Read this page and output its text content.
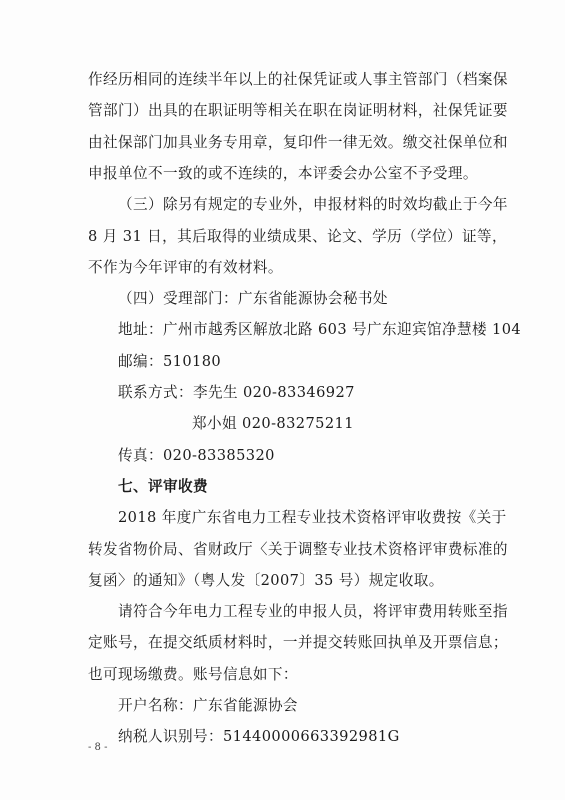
作经历相同的连续半年以上的社保凭证或人事主管部门（档案保
管部门）出具的在职证明等相关在职在岗证明材料，社保凭证要
由社保部门加具业务专用章，复印件一律无效。缴交社保单位和
申报单位不一致的或不连续的，本评委会办公室不予受理。
（三）除另有规定的专业外，申报材料的时效均截止于今年
8 月 31 日，其后取得的业绩成果、论文、学历（学位）证等，
不作为今年评审的有效材料。
（四）受理部门：广东省能源协会秘书处
地址：广州市越秀区解放北路 603 号广东迎宾馆净慧楼 104
邮编：510180
联系方式：李先生 020-83346927
郑小姐 020-83275211
传真：020-83385320
七、评审收费
2018 年度广东省电力工程专业技术资格评审收费按《关于
转发省物价局、省财政厅〈关于调整专业技术资格评审费标准的
复函〉的通知》（粤人发〔2007〕35 号）规定收取。
请符合今年电力工程专业的申报人员，将评审费用转账至指
定账号，在提交纸质材料时，一并提交转账回执单及开票信息；
也可现场缴费。账号信息如下：
开户名称：广东省能源协会
纳税人识别号：51440000663392981G
- 8 -
